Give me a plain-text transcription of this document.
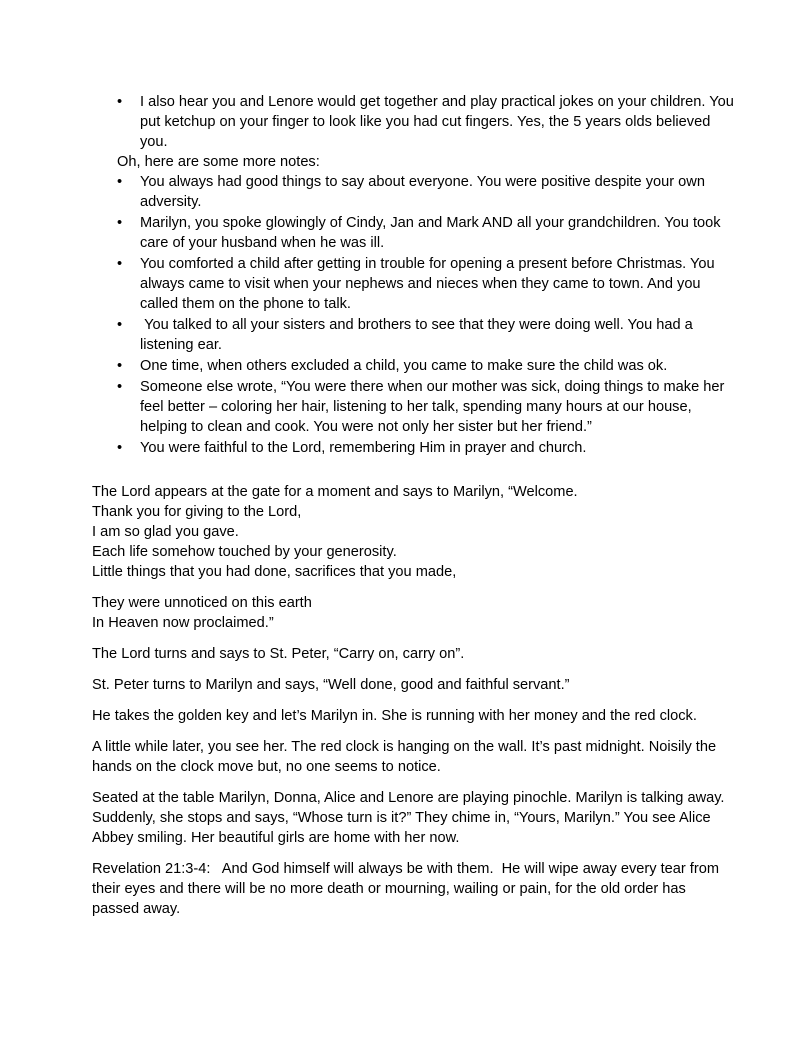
•	I also hear you and Lenore would get together and play practical jokes on your children. You put ketchup on your finger to look like you had cut fingers. Yes, the 5 years olds believed you.

Oh, here are some more notes:

•	You always had good things to say about everyone. You were positive despite your own adversity.
•	Marilyn, you spoke glowingly of Cindy, Jan and Mark AND all your grandchildren. You took care of your husband when he was ill.
•	You comforted a child after getting in trouble for opening a present before Christmas. You always came to visit when your nephews and nieces when they came to town. And you called them on the phone to talk.
•	You talked to all your sisters and brothers to see that they were doing well. You had a listening ear.
•	One time, when others excluded a child, you came to make sure the child was ok.
•	Someone else wrote, “You were there when our mother was sick, doing things to make her feel better – coloring her hair, listening to her talk, spending many hours at our house, helping to clean and cook. You were not only her sister but her friend.”
•	You were faithful to the Lord, remembering Him in prayer and church.

The Lord appears at the gate for a moment and says to Marilyn, “Welcome.

Thank you for giving to the Lord,

I am so glad you gave.

Each life somehow touched by your generosity.

Little things that you had done, sacrifices that you made,

They were unnoticed on this earth

In Heaven now proclaimed.”

The Lord turns and says to St. Peter, “Carry on, carry on”.

St. Peter turns to Marilyn and says, “Well done, good and faithful servant.”

He takes the golden key and let’s Marilyn in. She is running with her money and the red clock.

A little while later, you see her. The red clock is hanging on the wall. It’s past midnight. Noisily the hands on the clock move but, no one seems to notice.

Seated at the table Marilyn, Donna, Alice and Lenore are playing pinochle. Marilyn is talking away. Suddenly, she stops and says, “Whose turn is it?” They chime in, “Yours, Marilyn.” You see Alice Abbey smiling. Her beautiful girls are home with her now.

Revelation 21:3-4:   And God himself will always be with them.  He will wipe away every tear from their eyes and there will be no more death or mourning, wailing or pain, for the old order has passed away.
